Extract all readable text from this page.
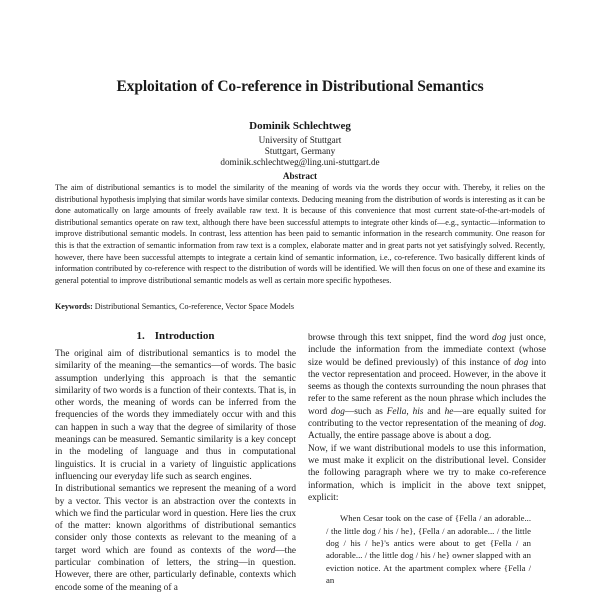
Exploitation of Co-reference in Distributional Semantics
Dominik Schlechtweg
University of Stuttgart
Stuttgart, Germany
dominik.schlechtweg@ling.uni-stuttgart.de
Abstract
The aim of distributional semantics is to model the similarity of the meaning of words via the words they occur with. Thereby, it relies on the distributional hypothesis implying that similar words have similar contexts. Deducing meaning from the distribution of words is interesting as it can be done automatically on large amounts of freely available raw text. It is because of this convenience that most current state-of-the-art-models of distributional semantics operate on raw text, although there have been successful attempts to integrate other kinds of—e.g., syntactic—information to improve distributional semantic models. In contrast, less attention has been paid to semantic information in the research community. One reason for this is that the extraction of semantic information from raw text is a complex, elaborate matter and in great parts not yet satisfyingly solved. Recently, however, there have been successful attempts to integrate a certain kind of semantic information, i.e., co-reference. Two basically different kinds of information contributed by co-reference with respect to the distribution of words will be identified. We will then focus on one of these and examine its general potential to improve distributional semantic models as well as certain more specific hypotheses.
Keywords: Distributional Semantics, Co-reference, Vector Space Models
1. Introduction

The original aim of distributional semantics is to model the similarity of the meaning—the semantics—of words. The basic assumption underlying this approach is that the semantic similarity of two words is a function of their contexts. That is, in other words, the meaning of words can be inferred from the frequencies of the words they immediately occur with and this can happen in such a way that the degree of similarity of those meanings can be measured. Semantic similarity is a key concept in the modeling of language and thus in computational linguistics. It is crucial in a variety of linguistic applications influencing our everyday life such as search engines.

In distributional semantics we represent the meaning of a word by a vector. This vector is an abstraction over the contexts in which we find the particular word in question. Here lies the crux of the matter: known algorithms of distributional semantics consider only those contexts as relevant to the meaning of a target word which are found as contexts of the word—the particular combination of letters, the string—in question. However, there are other, particularly definable, contexts which encode some of the meaning of a

browse through this text snippet, find the word dog just once, include the information from the immediate context (whose size would be defined previously) of this instance of dog into the vector representation and proceed. However, in the above it seems as though the contexts surrounding the noun phrases that refer to the same referent as the noun phrase which includes the word dog—such as Fella, his and he—are equally suited for contributing to the vector representation of the meaning of dog. Actually, the entire passage above is about a dog.

Now, if we want distributional models to use this information, we must make it explicit on the distributional level. Consider the following paragraph where we try to make co-reference information, which is implicit in the above text snippet, explicit:

When Cesar took on the case of {Fella / an adorable... / the little dog / his / he}, {Fella / an adorable... / the little dog / his / he}'s antics were about to get {Fella / an adorable... / the little dog / his / he} owner slapped with an eviction notice. At the apartment complex where {Fella / an
